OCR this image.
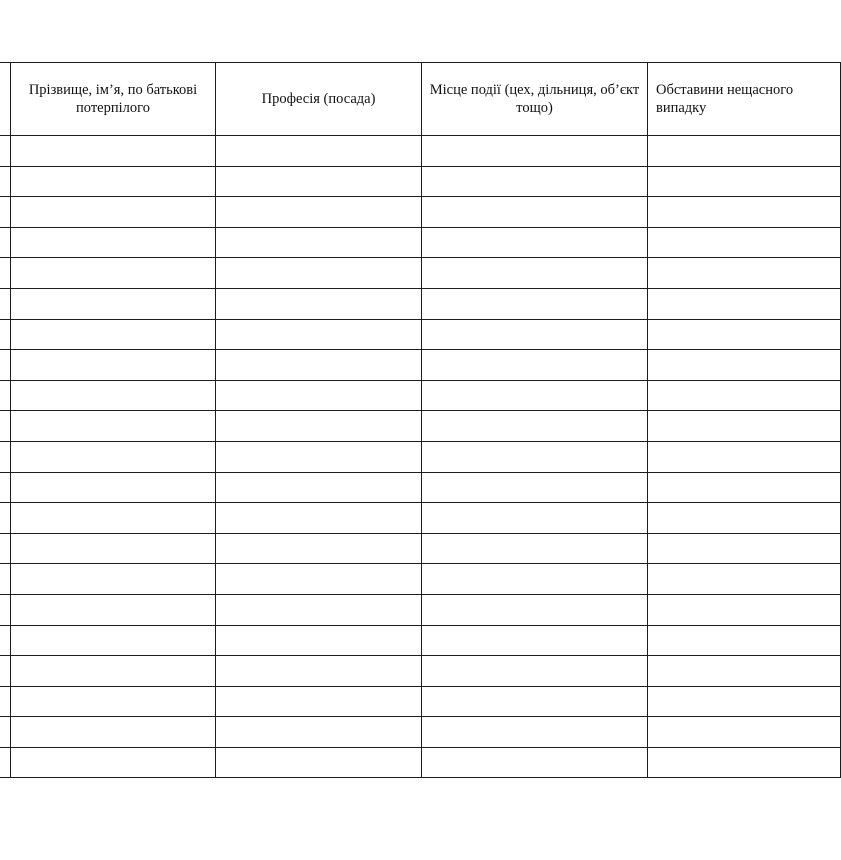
	Прізвище, ім’я, по батькові потерпілого	Професія (посада)	Місце події (цех, дільниця, об’єкт тощо)	Обставини нещасного випадку
